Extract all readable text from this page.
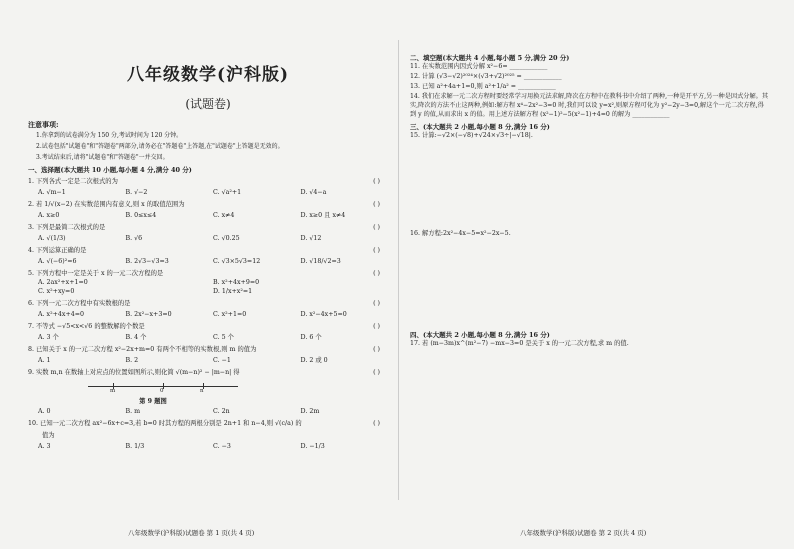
八年级数学(沪科版)
(试题卷)
注意事项:
1.你拿到的试卷满分为 150 分,考试时间为 120 分钟。
2.试卷包括"试题卷"和"答题卷"两部分,请务必在"答题卷"上答题,在"试题卷"上答题是无效的。
3.考试结束后,请将"试题卷"和"答题卷"一并交回。
一、选择题(本大题共 10 小题,每小题 4 分,满分 40 分)
1. 下列各式一定是二次根式的为	( )
A. √m−1	B. √−2	C. √a²+1	D. √4−a
2. 若 1/√(x−2) 在实数范围内有意义,则 x 的取值范围为	( )
A. x≥0	B. 0≤x≤4	C. x≠4	D. x≥0 且 x≠4
3. 下列是最简二次根式的是	( )
A. √(1/3)	B. √6	C. √0.25	D. √12
4. 下列运算正确的是	( )
A. √(−6)²=6	B. 2√3−√3=3	C. √3×5√3=12	D. √18/√2=3
5. 下列方程中一定是关于 x 的一元二次方程的是	( )
A. 2ax²+x+1=0	B. x²+4x+9=0
C. x²+xy=0	D. 1/x+x²=1
6. 下列一元二次方程中有实数根的是	( )
A. x²+4x+4=0	B. 2x²−x+3=0	C. x²+1=0	D. x²−4x+5=0
7. 不等式 −√5<x<√6 的整数解的个数是	( )
A. 3 个	B. 4 个	C. 5 个	D. 6 个
8. 已知关于 x 的一元二次方程 x²−2x+m=0 有两个不相等的实数根,则 m 的值为	( )
A. 1	B. 2	C. −1	D. 2 或 0
9. 实数 m,n 在数轴上对应点的位置如图所示,则化简 √(m−n)² − |m−n| 得	( )
m	0	n
第 9 题图
A. 0	B. m	C. 2n	D. 2m
10. 已知一元二次方程 ax²−6x+c=3,若 b=0 时其方程的两根分别是 2n+1 和 n−4,则 √(c/a) 的	( )
值为
A. 3	B. 1/3	C. −3	D. −1/3
八年级数学(沪科版)试题卷 第 1 页(共 4 页)
二、填空题(本大题共 4 小题,每小题 5 分,满分 20 分)
11. 在实数范围内因式分解 x²−6= ____________
12. 计算 (√3−√2)²⁰²⁴×(√3+√2)²⁰²⁵ = ____________
13. 已知 a²+4a+1=0,则 a²+1/a² = ____________
14. 我们在求解一元二次方程时要经常学习用换元法求解,降次在方程中在教科书中介绍了两种,一种是开平方,另一种是因式分解。其实,降次的方法不止这两种,例如:解方程 x⁴−2x²−3=0 时,我们可以设 y=x²,则原方程可化为 y²−2y−3=0,解这个一元二次方程,得到 y 的值,从而求出 x 的值。用上述方法解方程 (x²−1)²−5(x²−1)+4=0 的解为 ____________
三、(本大题共 2 小题,每小题 8 分,满分 16 分)
15. 计算:−√2×(−√8)+√24×√3÷|−√18|.
16. 解方程:2x²−4x−5=x²−2x−5.
四、(本大题共 2 小题,每小题 8 分,满分 16 分)
17. 若 (m−3m)x^(m²−7) −mx−3=0 是关于 x 的一元二次方程,求 m 的值.
八年级数学(沪科版)试题卷 第 2 页(共 4 页)
